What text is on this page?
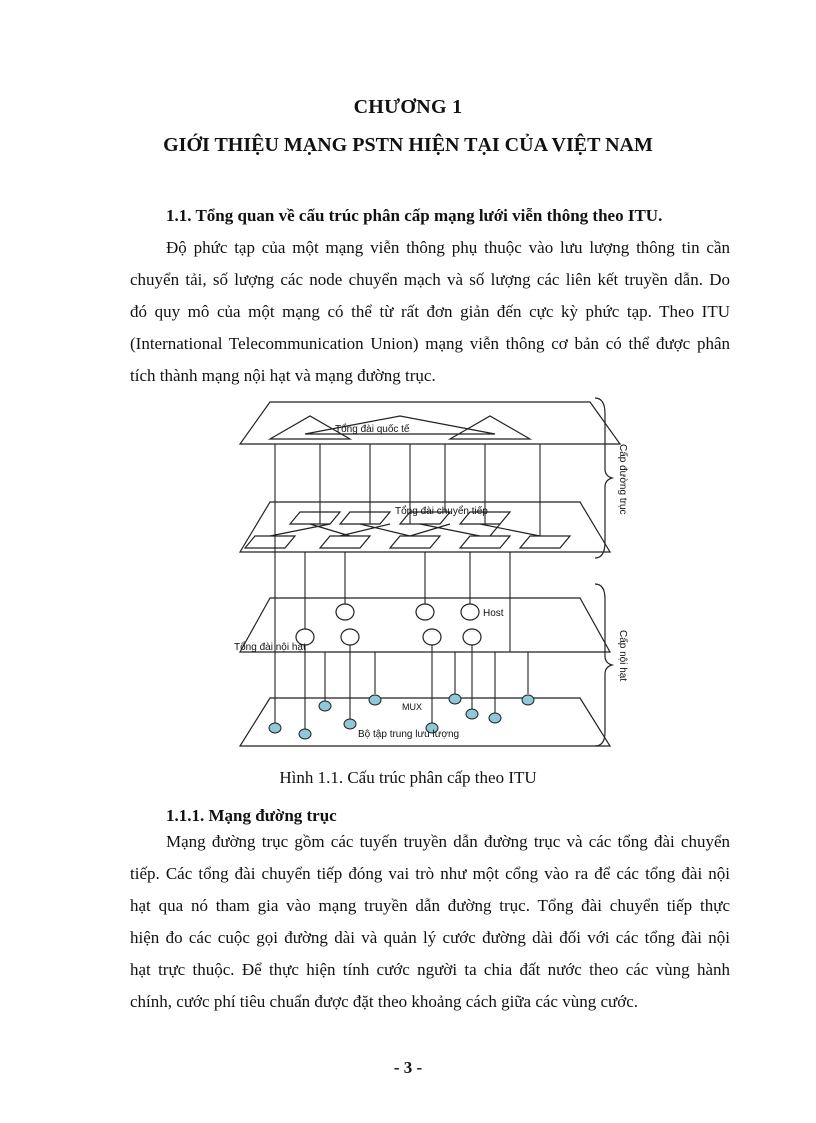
CHƯƠNG 1
GIỚI THIỆU MẠNG PSTN HIỆN TẠI CỦA VIỆT NAM
1.1. Tổng quan về cấu trúc phân cấp mạng lưới viễn thông theo ITU.
Độ phức tạp của một mạng viễn thông phụ thuộc vào lưu lượng thông tin cần
chuyển tải, số lượng các node chuyển mạch và số lượng các liên kết truyền dẫn. Do
đó quy mô của một mạng có thể từ rất đơn giản đến cực kỳ phức tạp. Theo ITU
(International Telecommunication Union) mạng viễn thông cơ bản có thể được phân
tích thành mạng nội hạt và mạng đường trục.
Tổng đài quốc tế
Tổng đài chuyển tiếp
Host
Tổng đài nội hạt
MUX
Bộ tập trung lưu lượng
Cấp đường trục
Cấp nội hạt
Hình 1.1. Cấu trúc phân cấp theo ITU
1.1.1. Mạng đường trục
Mạng đường trục gồm các tuyến truyền dẫn đường trục và các tổng đài chuyển
tiếp. Các tổng đài chuyển tiếp đóng vai trò như một cổng vào ra để các tổng đài nội
hạt qua nó tham gia vào mạng truyền dẫn đường trục. Tổng đài chuyển tiếp thực
hiện đo các cuộc gọi đường dài và quản lý cước đường dài đối với các tổng đài nội
hạt trực thuộc. Để thực hiện tính cước người ta chia đất nước theo các vùng hành
chính, cước phí tiêu chuẩn được đặt theo khoảng cách giữa các vùng cước.
- 3 -
